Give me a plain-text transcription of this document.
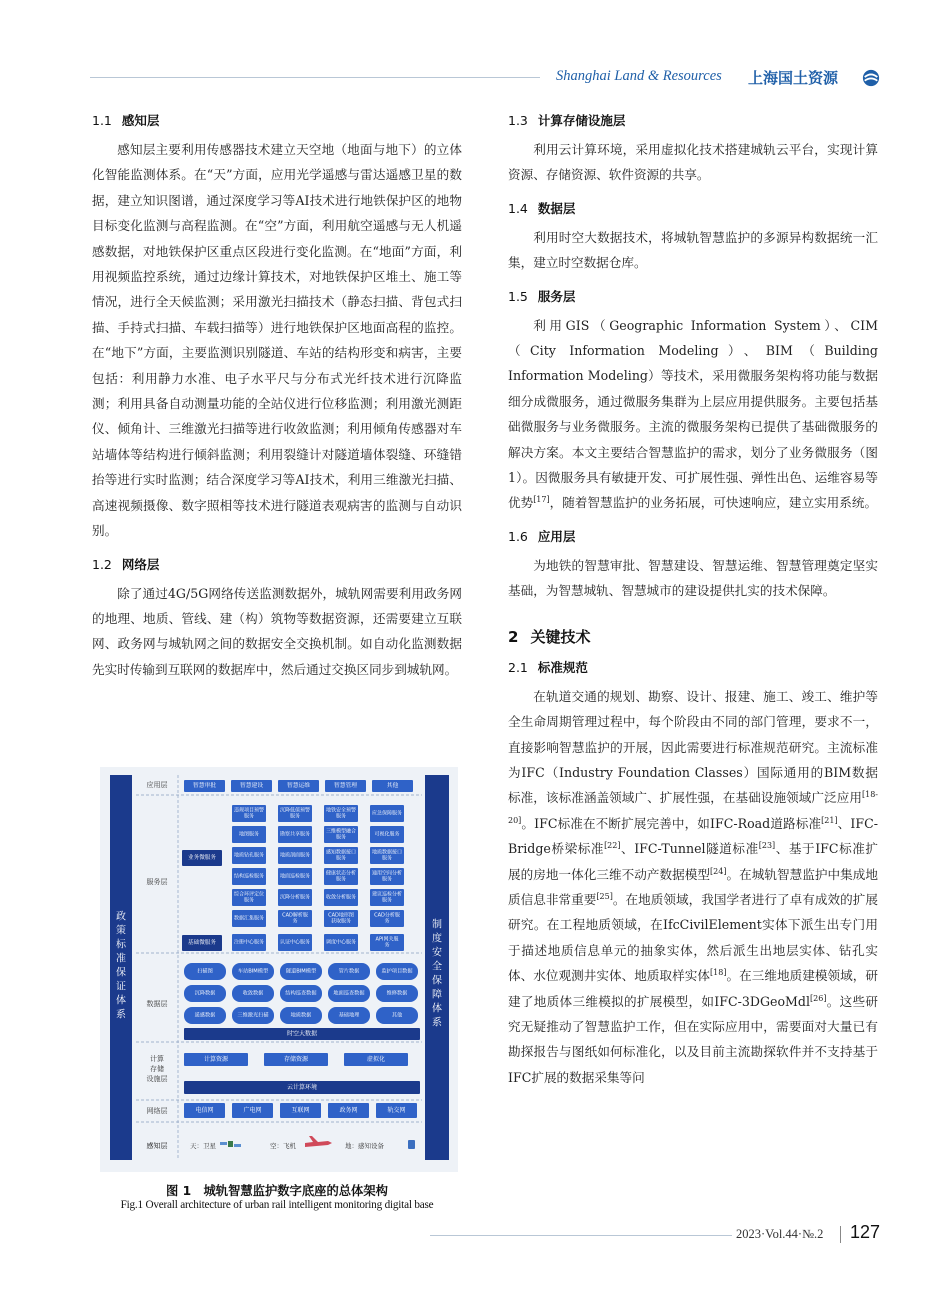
Shanghai Land & Resources 上海国土资源
1.1 感知层

感知层主要利用传感器技术建立天空地（地面与地下）的立体化智能监测体系。在“天”方面，应用光学遥感与雷达遥感卫星的数据，建立知识图谱，通过深度学习等AI技术进行地铁保护区的地物目标变化监测与高程监测。在“空”方面，利用航空遥感与无人机遥感数据，对地铁保护区重点区段进行变化监测。在“地面”方面，利用视频监控系统，通过边缘计算技术，对地铁保护区堆土、施工等情况，进行全天候监测；采用激光扫描技术（静态扫描、背包式扫描、手持式扫描、车载扫描等）进行地铁保护区地面高程的监控。在“地下”方面，主要监测识别隧道、车站的结构形变和病害，主要包括：利用静力水准、电子水平尺与分布式光纤技术进行沉降监测；利用具备自动测量功能的全站仪进行位移监测；利用激光测距仪、倾角计、三维激光扫描等进行收敛监测；利用倾角传感器对车站墙体等结构进行倾斜监测；利用裂缝计对隧道墙体裂缝、环缝错抬等进行实时监测；结合深度学习等AI技术，利用三维激光扫描、高速视频摄像、数字照相等技术进行隧道表观病害的监测与自动识别。

1.2 网络层

除了通过4G/5G网络传送监测数据外，城轨网需要利用政务网的地理、地质、管线、建（构）筑物等数据资源，还需要建立互联网、政务网与城轨网之间的数据安全交换机制。如自动化监测数据先实时传输到互联网的数据库中，然后通过交换区同步到城轨网。

政
策
标
准
保
证
体
系
制
度
安
全
保
障
体
系
应用层
服务层
数据层
计算
存储
设施层
网络层
感知层
智慧审批	智慧建设	智慧运维	智慧管理	其他
业务微服务
违规项目预警
服务
沉降低值预警
服务
地铁安全预警
服务	应急保障服务
地图服务	勘察共享服务	三维模型融合
服务	可视化服务
地质钻孔服务	地质剖面服务	感知数据接口
服务
地质数据接口
服务
结构巡检服务	地面巡检服务	健康状态分析
服务
通用空间分析
服务
综合环评定位
服务	沉降分析服务	收敛分析服务	建议巡检分析
服务
数据汇集服务	CAD解析服
务
CAD地形图
获取服务
CAD分析服
务
基础微服务	注册中心服务	认证中心服务	调度中心服务	API网关服
务
扫描图	车站BIM模型	隧道BIM模型	管片数据	监护项目数据
沉降数据	收敛数据	结构巡查数据	地面巡查数据	维修数据
遥感数据	三维激光扫描	地质数据	基础地理	其他
时空大数据
计算资源	存储资源	虚拟化
云计算环境
电信网	广电网	互联网	政务网	轨交网
天：卫星	空：飞机	地：感知设备
图 1　城轨智慧监护数字底座的总体架构
Fig.1 Overall architecture of urban rail intelligent monitoring digital base
1.3 计算存储设施层

利用云计算环境，采用虚拟化技术搭建城轨云平台，实现计算资源、存储资源、软件资源的共享。

1.4 数据层

利用时空大数据技术，将城轨智慧监护的多源异构数据统一汇集，建立时空数据仓库。

1.5 服务层

利用GIS（Geographic Information System）、CIM（City Information Modeling）、BIM（Building Information Modeling）等技术，采用微服务架构将功能与数据细分成微服务，通过微服务集群为上层应用提供服务。主要包括基础微服务与业务微服务。主流的微服务架构已提供了基础微服务的解决方案。本文主要结合智慧监护的需求，划分了业务微服务（图1）。因微服务具有敏捷开发、可扩展性强、弹性出色、运维容易等优势[17]，随着智慧监护的业务拓展，可快速响应，建立实用系统。

1.6 应用层

为地铁的智慧审批、智慧建设、智慧运维、智慧管理奠定坚实基础，为智慧城轨、智慧城市的建设提供扎实的技术保障。

2 关键技术
2.1 标准规范

在轨道交通的规划、勘察、设计、报建、施工、竣工、维护等全生命周期管理过程中，每个阶段由不同的部门管理，要求不一，直接影响智慧监护的开展，因此需要进行标准规范研究。主流标准为IFC（Industry Foundation Classes）国际通用的BIM数据标准，该标准涵盖领域广、扩展性强，在基础设施领域广泛应用[18-20]。IFC标准在不断扩展完善中，如IFC-Road道路标准[21]、IFC-Bridge桥梁标准[22]、IFC-Tunnel隧道标准[23]、基于IFC标准扩展的房地一体化三维不动产数据模型[24]。在城轨智慧监护中集成地质信息非常重要[25]。在地质领域，我国学者进行了卓有成效的扩展研究。在工程地质领域，在IfcCivilElement实体下派生出专门用于描述地质信息单元的抽象实体，然后派生出地层实体、钻孔实体、水位观测井实体、地质取样实体[18]。在三维地质建模领域，研建了地质体三维模拟的扩展模型，如IFC-3DGeoMdl[26]。这些研究无疑推动了智慧监护工作，但在实际应用中，需要面对大量已有勘探报告与图纸如何标准化，以及目前主流勘探软件并不支持基于IFC扩展的数据采集等问

2023·Vol.44·№.2 127
